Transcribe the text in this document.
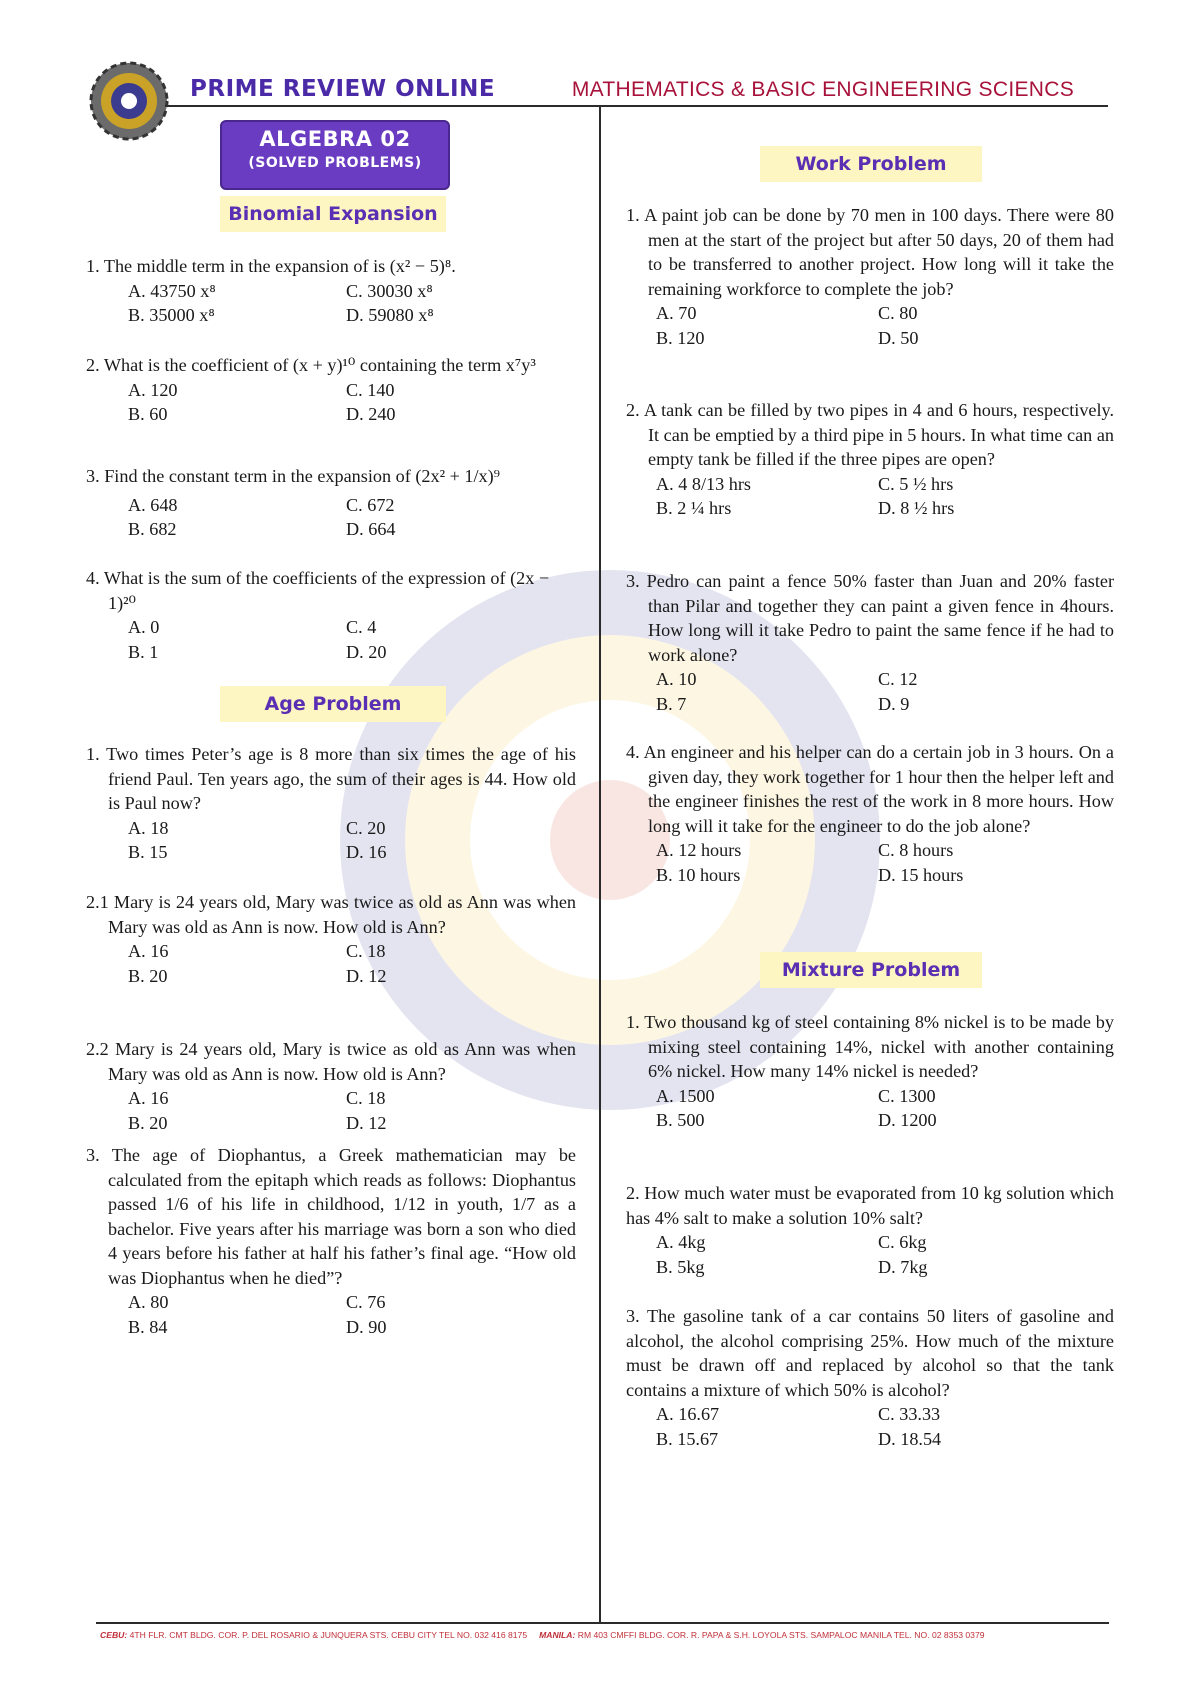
PRIME REVIEW ONLINE	MATHEMATICS & BASIC ENGINEERING SCIENCS
ALGEBRA 02
(SOLVED PROBLEMS)
Binomial Expansion

1. The middle term in the expansion of is (x² − 5)⁸.

A. 43750 x⁸	C. 30030 x⁸
B. 35000 x⁸	D. 59080 x⁸

2. What is the coefficient of (x + y)¹⁰ containing the term x⁷y³

A. 120	C. 140
B. 60	D. 240

3. Find the constant term in the expansion of (2x² + 1/x)⁹

A. 648	C. 672
B. 682	D. 664

4. What is the sum of the coefficients of the expression of (2x − 1)²⁰

A. 0	C. 4
B. 1	D. 20
Age Problem

1. Two times Peter’s age is 8 more than six times the age of his friend Paul. Ten years ago, the sum of their ages is 44. How old is Paul now?

A. 18	C. 20
B. 15	D. 16

2.1 Mary is 24 years old, Mary was twice as old as Ann was when Mary was old as Ann is now. How old is Ann?

A. 16	C. 18
B. 20	D. 12

2.2 Mary is 24 years old, Mary is twice as old as Ann was when Mary was old as Ann is now. How old is Ann?

A. 16	C. 18
B. 20	D. 12

3. The age of Diophantus, a Greek mathematician may be calculated from the epitaph which reads as follows: Diophantus passed 1/6 of his life in childhood, 1/12 in youth, 1/7 as a bachelor. Five years after his marriage was born a son who died 4 years before his father at half his father’s final age. “How old was Diophantus when he died”?

A. 80	C. 76
B. 84	D. 90
Work Problem

1. A paint job can be done by 70 men in 100 days. There were 80 men at the start of the project but after 50 days, 20 of them had to be transferred to another project. How long will it take the remaining workforce to complete the job?

A. 70	C. 80
B. 120	D. 50

2. A tank can be filled by two pipes in 4 and 6 hours, respectively. It can be emptied by a third pipe in 5 hours. In what time can an empty tank be filled if the three pipes are open?

A. 4 8/13 hrs	C. 5 ½ hrs
B. 2 ¼ hrs	D. 8 ½ hrs

3. Pedro can paint a fence 50% faster than Juan and 20% faster than Pilar and together they can paint a given fence in 4hours. How long will it take Pedro to paint the same fence if he had to work alone?

A. 10	C. 12
B. 7	D. 9

4. An engineer and his helper can do a certain job in 3 hours. On a given day, they work together for 1 hour then the helper left and the engineer finishes the rest of the work in 8 more hours. How long will it take for the engineer to do the job alone?

A. 12 hours	C. 8 hours
B. 10 hours	D. 15 hours
Mixture Problem

1. Two thousand kg of steel containing 8% nickel is to be made by mixing steel containing 14%, nickel with another containing 6% nickel. How many 14% nickel is needed?

A. 1500	C. 1300
B. 500	D. 1200

2. How much water must be evaporated from 10 kg solution which has 4% salt to make a solution 10% salt?

A. 4kg	C. 6kg
B. 5kg	D. 7kg

3. The gasoline tank of a car contains 50 liters of gasoline and alcohol, the alcohol comprising 25%. How much of the mixture must be drawn off and replaced by alcohol so that the tank contains a mixture of which 50% is alcohol?

A. 16.67	C. 33.33
B. 15.67	D. 18.54
CEBU: 4TH FLR. CMT BLDG. COR. P. DEL ROSARIO & JUNQUERA STS. CEBU CITY TEL NO. 032 416 8175 MANILA: RM 403 CMFFI BLDG. COR. R. PAPA & S.H. LOYOLA STS. SAMPALOC MANILA TEL. NO. 02 8353 0379
